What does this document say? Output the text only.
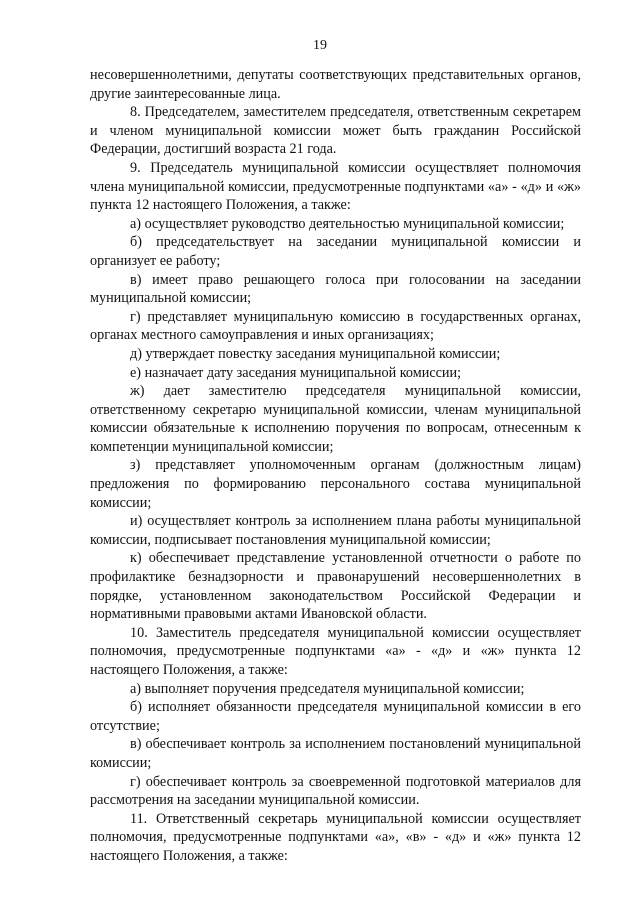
19

несовершеннолетними, депутаты соответствующих представительных органов, другие заинтересованные лица.

8. Председателем, заместителем председателя, ответственным секретарем и членом муниципальной комиссии может быть гражданин Российской Федерации, достигший возраста 21 года.

9. Председатель муниципальной комиссии осуществляет полномочия члена муниципальной комиссии, предусмотренные подпунктами «а» - «д» и «ж» пункта 12 настоящего Положения, а также:

а) осуществляет руководство деятельностью муниципальной комиссии;

б) председательствует на заседании муниципальной комиссии и организует ее работу;

в) имеет право решающего голоса при голосовании на заседании муниципальной комиссии;

г) представляет муниципальную комиссию в государственных органах, органах местного самоуправления и иных организациях;

д) утверждает повестку заседания муниципальной комиссии;

е) назначает дату заседания муниципальной комиссии;

ж) дает заместителю председателя муниципальной комиссии, ответственному секретарю муниципальной комиссии, членам муниципальной комиссии обязательные к исполнению поручения по вопросам, отнесенным к компетенции муниципальной комиссии;

з) представляет уполномоченным органам (должностным лицам) предложения по формированию персонального состава муниципальной комиссии;

и) осуществляет контроль за исполнением плана работы муниципальной комиссии, подписывает постановления муниципальной комиссии;

к) обеспечивает представление установленной отчетности о работе по профилактике безнадзорности и правонарушений несовершеннолетних в порядке, установленном законодательством Российской Федерации и нормативными правовыми актами Ивановской области.

10. Заместитель председателя муниципальной комиссии осуществляет полномочия, предусмотренные подпунктами «а» - «д» и «ж» пункта 12 настоящего Положения, а также:

а) выполняет поручения председателя муниципальной комиссии;

б) исполняет обязанности председателя муниципальной комиссии в его отсутствие;

в) обеспечивает контроль за исполнением постановлений муниципальной комиссии;

г) обеспечивает контроль за своевременной подготовкой материалов для рассмотрения на заседании муниципальной комиссии.

11. Ответственный секретарь муниципальной комиссии осуществляет полномочия, предусмотренные подпунктами «а», «в» - «д» и «ж» пункта 12 настоящего Положения, а также:
